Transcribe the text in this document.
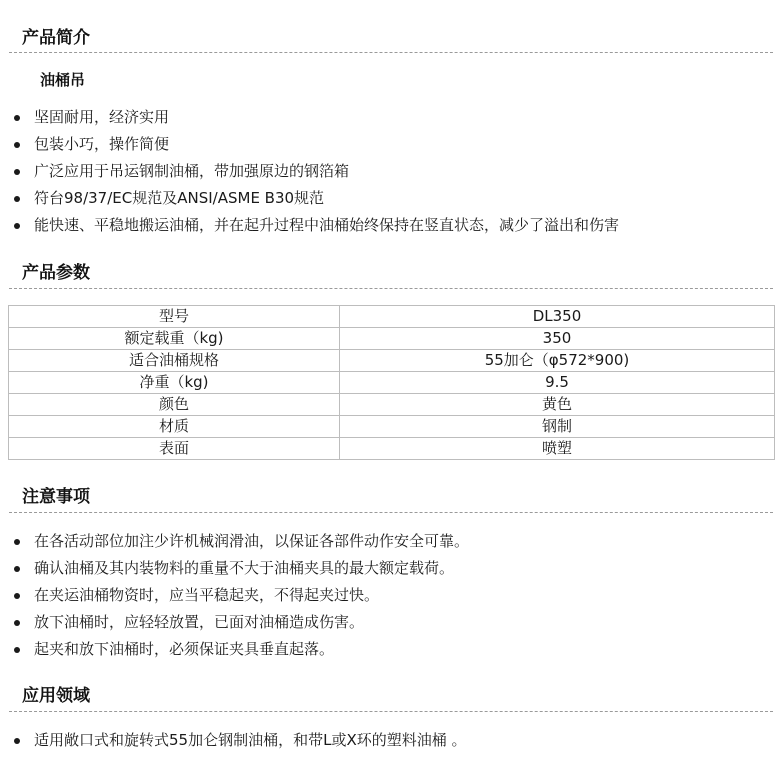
产品简介
油桶吊
坚固耐用，经济实用
包装小巧，操作简便
广泛应用于吊运钢制油桶，带加强原边的钢箔箱
符台98/37/EC规范及ANSI/ASME B30规范
能快速、平稳地搬运油桶，并在起升过程中油桶始终保持在竖直状态，减少了溢出和伤害
产品参数
型号	DL350
额定载重（kg)	350
适合油桶规格	55加仑（φ572*900)
净重（kg)	9.5
颜色	黄色
材质	钢制
表面	喷塑
注意事项
在各活动部位加注少许机械润滑油，以保证各部件动作安全可靠。
确认油桶及其内装物料的重量不大于油桶夹具的最大额定载荷。
在夹运油桶物资时，应当平稳起夹，不得起夹过快。
放下油桶时，应轻轻放置，已面对油桶造成伤害。
起夹和放下油桶时，必须保证夹具垂直起落。
应用领域
适用敞口式和旋转式55加仑钢制油桶，和带L或X环的塑料油桶 。
